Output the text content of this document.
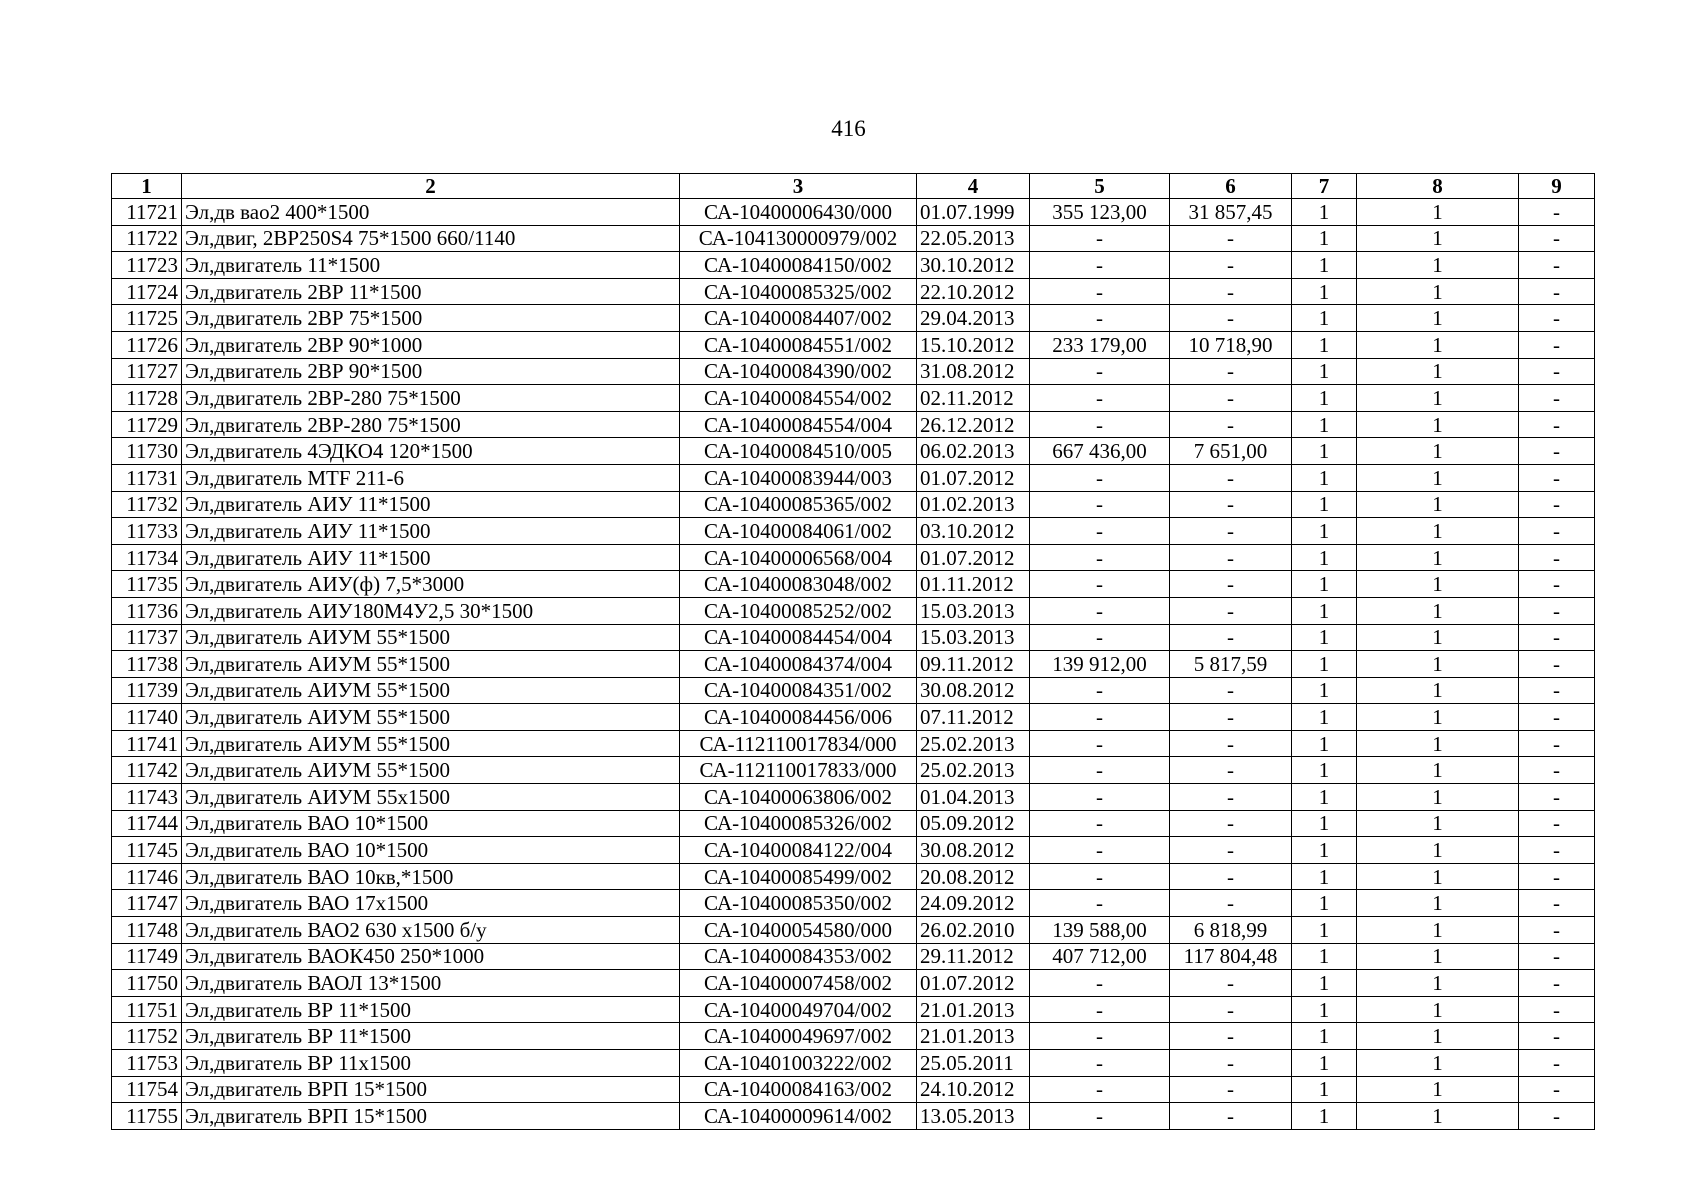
416
1	2	3	4	5	6	7	8	9
11721	Эл,дв вао2 400*1500	СА-10400006430/000	01.07.1999	355 123,00	31 857,45	1	1	-
11722	Эл,двиг, 2ВР250S4 75*1500 660/1140	СА-104130000979/002	22.05.2013	-	-	1	1	-
11723	Эл,двигатель 11*1500	СА-10400084150/002	30.10.2012	-	-	1	1	-
11724	Эл,двигатель 2ВР 11*1500	СА-10400085325/002	22.10.2012	-	-	1	1	-
11725	Эл,двигатель 2ВР 75*1500	СА-10400084407/002	29.04.2013	-	-	1	1	-
11726	Эл,двигатель 2ВР 90*1000	СА-10400084551/002	15.10.2012	233 179,00	10 718,90	1	1	-
11727	Эл,двигатель 2ВР 90*1500	СА-10400084390/002	31.08.2012	-	-	1	1	-
11728	Эл,двигатель 2ВР-280 75*1500	СА-10400084554/002	02.11.2012	-	-	1	1	-
11729	Эл,двигатель 2ВР-280 75*1500	СА-10400084554/004	26.12.2012	-	-	1	1	-
11730	Эл,двигатель 4ЭДКО4 120*1500	СА-10400084510/005	06.02.2013	667 436,00	7 651,00	1	1	-
11731	Эл,двигатель MTF 211-6	СА-10400083944/003	01.07.2012	-	-	1	1	-
11732	Эл,двигатель АИУ 11*1500	СА-10400085365/002	01.02.2013	-	-	1	1	-
11733	Эл,двигатель АИУ 11*1500	СА-10400084061/002	03.10.2012	-	-	1	1	-
11734	Эл,двигатель АИУ 11*1500	СА-10400006568/004	01.07.2012	-	-	1	1	-
11735	Эл,двигатель АИУ(ф) 7,5*3000	СА-10400083048/002	01.11.2012	-	-	1	1	-
11736	Эл,двигатель АИУ180М4У2,5 30*1500	СА-10400085252/002	15.03.2013	-	-	1	1	-
11737	Эл,двигатель АИУМ 55*1500	СА-10400084454/004	15.03.2013	-	-	1	1	-
11738	Эл,двигатель АИУМ 55*1500	СА-10400084374/004	09.11.2012	139 912,00	5 817,59	1	1	-
11739	Эл,двигатель АИУМ 55*1500	СА-10400084351/002	30.08.2012	-	-	1	1	-
11740	Эл,двигатель АИУМ 55*1500	СА-10400084456/006	07.11.2012	-	-	1	1	-
11741	Эл,двигатель АИУМ 55*1500	СА-112110017834/000	25.02.2013	-	-	1	1	-
11742	Эл,двигатель АИУМ 55*1500	СА-112110017833/000	25.02.2013	-	-	1	1	-
11743	Эл,двигатель АИУМ 55х1500	СА-10400063806/002	01.04.2013	-	-	1	1	-
11744	Эл,двигатель ВАО 10*1500	СА-10400085326/002	05.09.2012	-	-	1	1	-
11745	Эл,двигатель ВАО 10*1500	СА-10400084122/004	30.08.2012	-	-	1	1	-
11746	Эл,двигатель ВАО 10кв,*1500	СА-10400085499/002	20.08.2012	-	-	1	1	-
11747	Эл,двигатель ВАО 17х1500	СА-10400085350/002	24.09.2012	-	-	1	1	-
11748	Эл,двигатель ВАО2 630 х1500 б/у	СА-10400054580/000	26.02.2010	139 588,00	6 818,99	1	1	-
11749	Эл,двигатель ВАОК450 250*1000	СА-10400084353/002	29.11.2012	407 712,00	117 804,48	1	1	-
11750	Эл,двигатель ВАОЛ 13*1500	СА-10400007458/002	01.07.2012	-	-	1	1	-
11751	Эл,двигатель ВР 11*1500	СА-10400049704/002	21.01.2013	-	-	1	1	-
11752	Эл,двигатель ВР 11*1500	СА-10400049697/002	21.01.2013	-	-	1	1	-
11753	Эл,двигатель ВР 11х1500	СА-10401003222/002	25.05.2011	-	-	1	1	-
11754	Эл,двигатель ВРП 15*1500	СА-10400084163/002	24.10.2012	-	-	1	1	-
11755	Эл,двигатель ВРП 15*1500	СА-10400009614/002	13.05.2013	-	-	1	1	-
